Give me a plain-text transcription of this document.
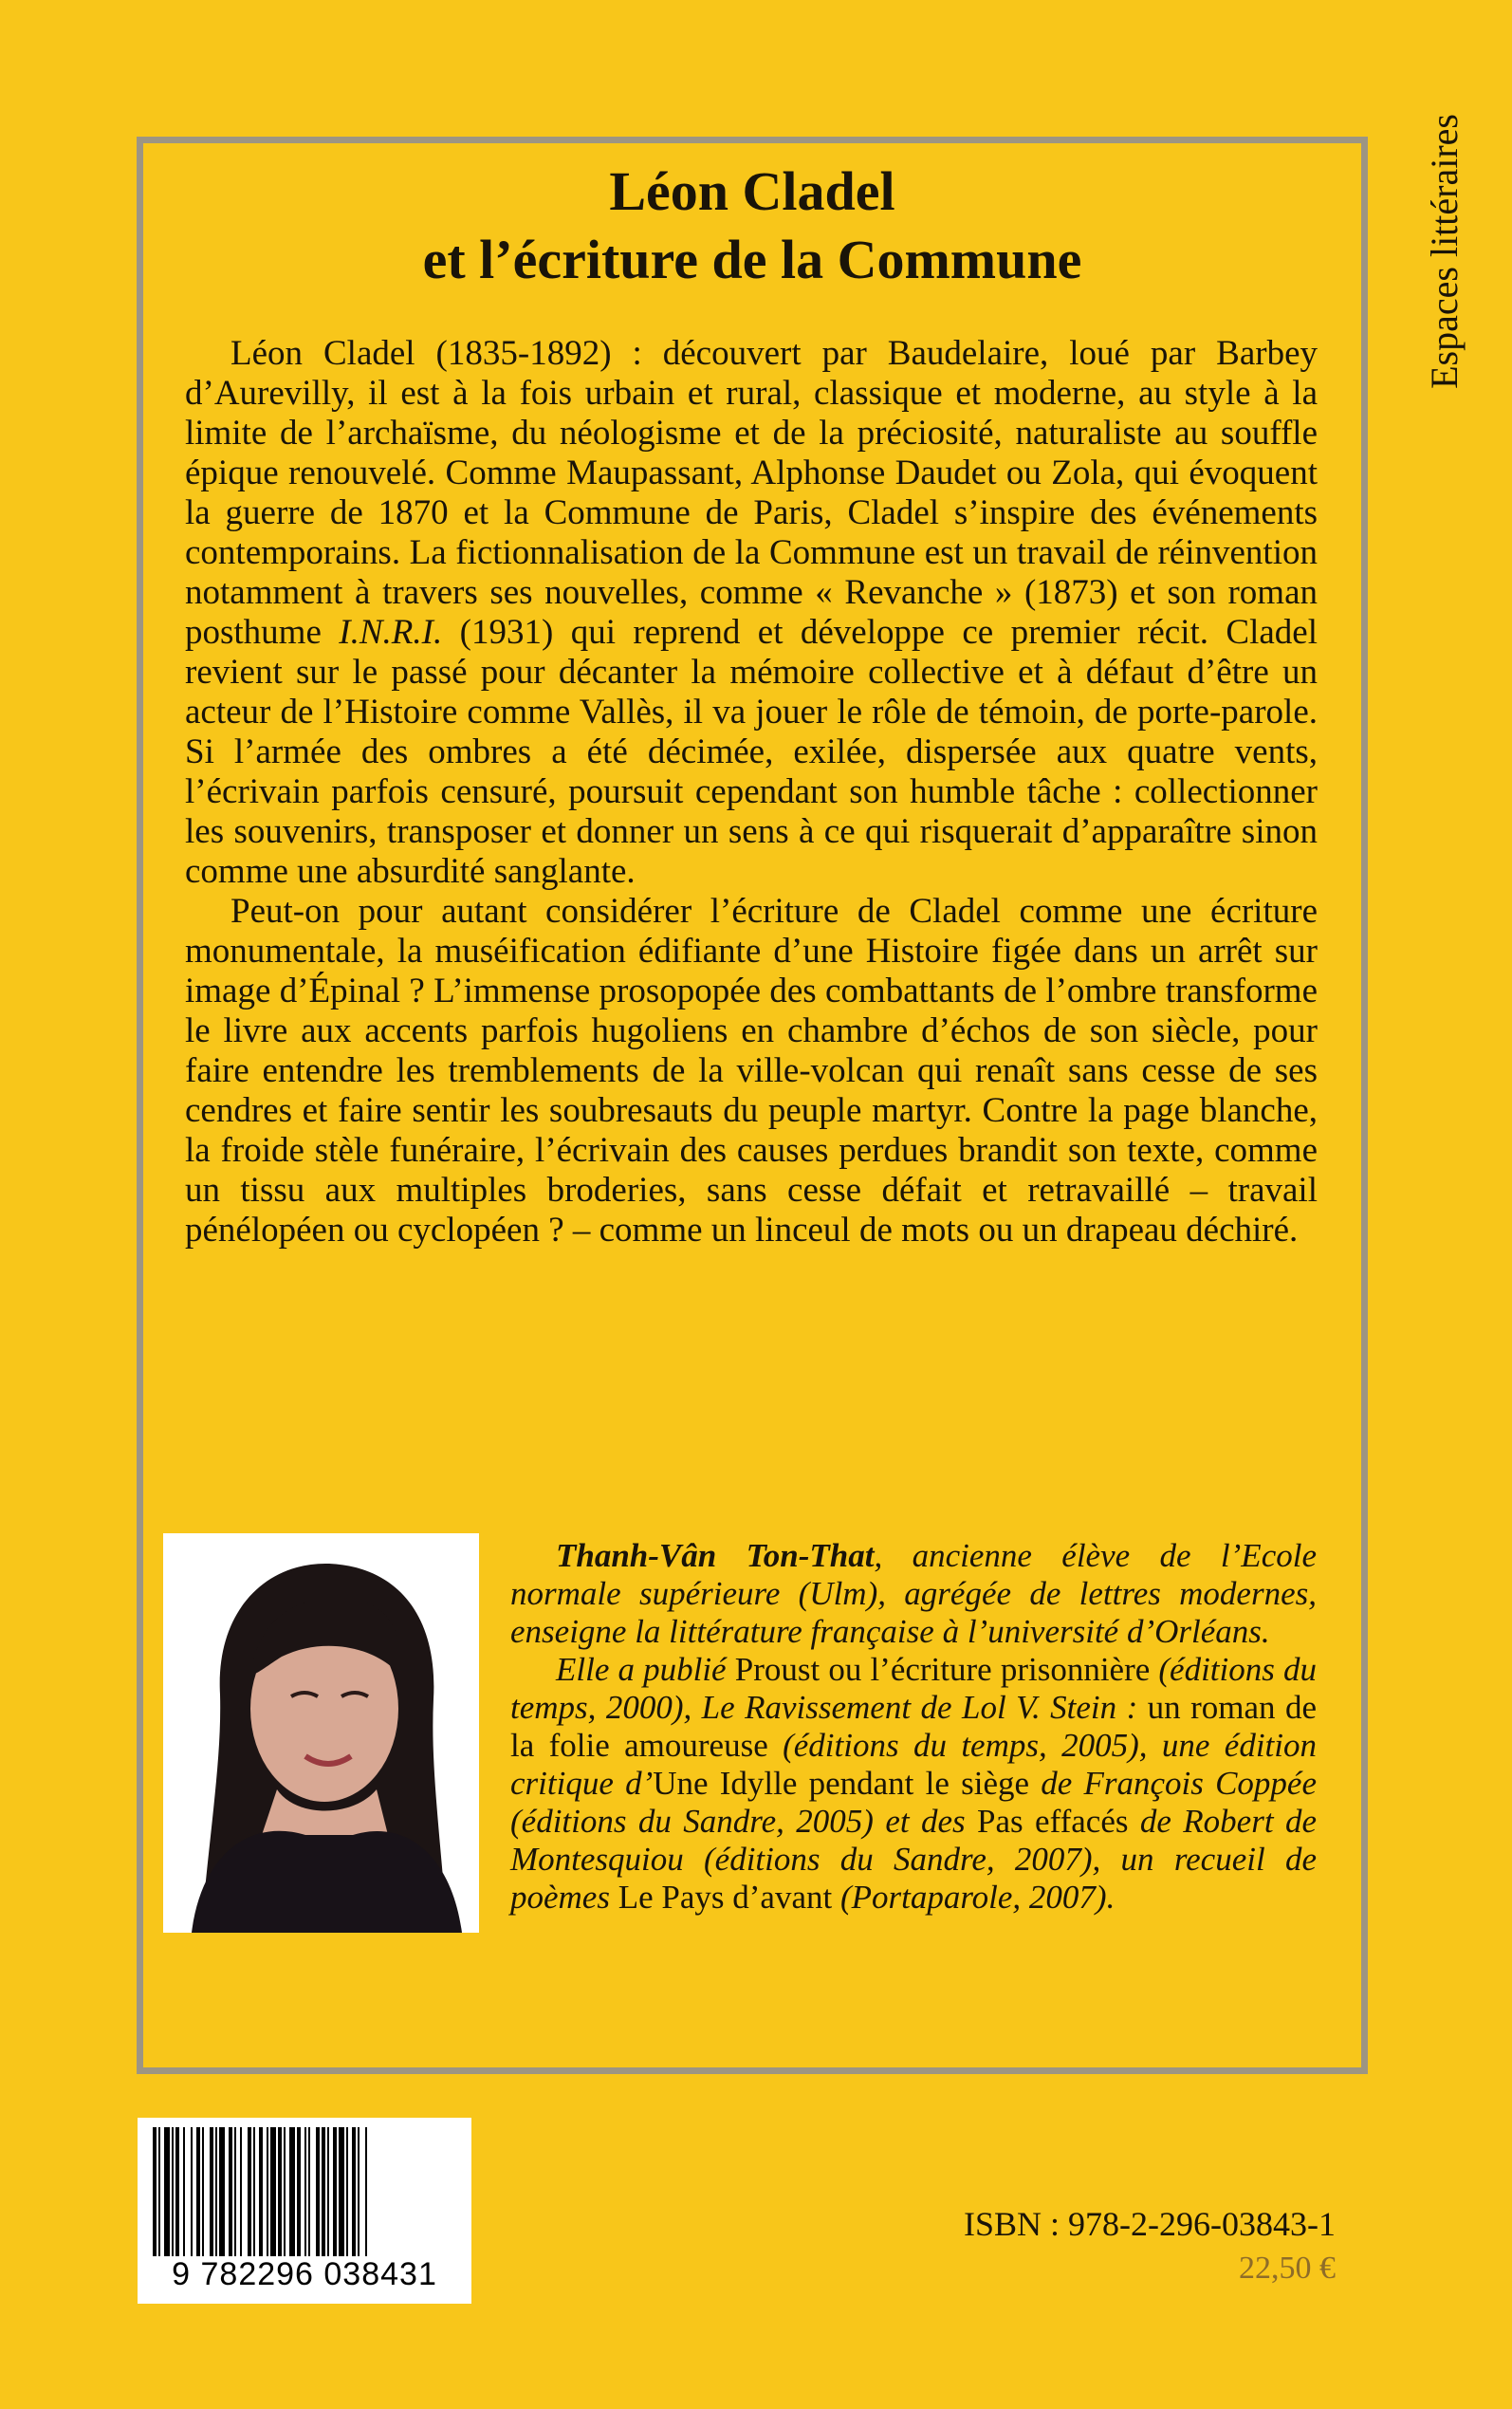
Espaces littéraires
Léon Cladel
et l’écriture de la Commune

Léon Cladel (1835-1892) : découvert par Baudelaire, loué par Barbey d’Aurevilly, il est à la fois urbain et rural, classique et moderne, au style à la limite de l’archaïsme, du néologisme et de la préciosité, naturaliste au souffle épique renouvelé. Comme Maupassant, Alphonse Daudet ou Zola, qui évoquent la guerre de 1870 et la Commune de Paris, Cladel s’inspire des événements contemporains. La fictionnalisation de la Commune est un travail de réinvention notamment à travers ses nouvelles, comme « Revanche » (1873) et son roman posthume I.N.R.I. (1931) qui reprend et développe ce premier récit. Cladel revient sur le passé pour décanter la mémoire collective et à défaut d’être un acteur de l’Histoire comme Vallès, il va jouer le rôle de témoin, de porte-parole. Si l’armée des ombres a été décimée, exilée, dispersée aux quatre vents, l’écrivain parfois censuré, poursuit cependant son humble tâche : collectionner les souvenirs, transposer et donner un sens à ce qui risquerait d’apparaître sinon comme une absurdité sanglante.

Peut-on pour autant considérer l’écriture de Cladel comme une écriture monumentale, la muséification édifiante d’une Histoire figée dans un arrêt sur image d’Épinal ? L’immense prosopopée des combattants de l’ombre transforme le livre aux accents parfois hugoliens en chambre d’échos de son siècle, pour faire entendre les tremblements de la ville-volcan qui renaît sans cesse de ses cendres et faire sentir les soubresauts du peuple martyr. Contre la page blanche, la froide stèle funéraire, l’écrivain des causes perdues brandit son texte, comme un tissu aux multiples broderies, sans cesse défait et retravaillé – travail pénélopéen ou cyclopéen ? – comme un linceul de mots ou un drapeau déchiré.

Thanh-Vân Ton-That, ancienne élève de l’Ecole normale supérieure (Ulm), agrégée de lettres modernes, enseigne la littérature française à l’université d’Orléans.

Elle a publié Proust ou l’écriture prisonnière (éditions du temps, 2000), Le Ravissement de Lol V. Stein : un roman de la folie amoureuse (éditions du temps, 2005), une édition critique d’Une Idylle pendant le siège de François Coppée (éditions du Sandre, 2005) et des Pas effacés de Robert de Montesquiou (éditions du Sandre, 2007), un recueil de poèmes Le Pays d’avant (Portaparole, 2007).

9 782296 038431
ISBN : 978-2-296-03843-1
22,50 €
